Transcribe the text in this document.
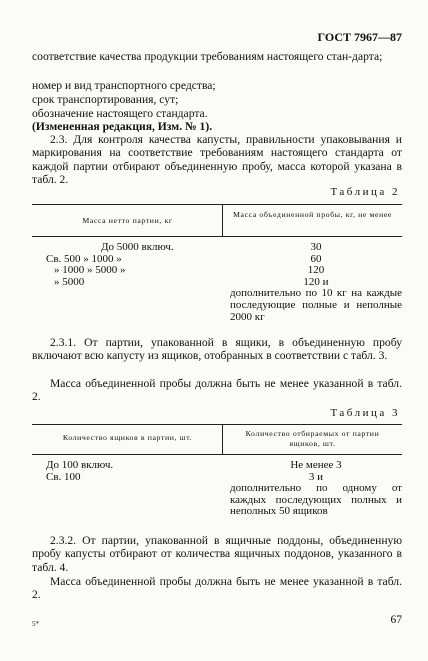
ГОСТ 7967—87
соответствие качества продукции требованиям настоящего стан-дарта;
номер и вид транспортного средства;
срок транспортирования, сут;
обозначение настоящего стандарта.
(Измененная редакция, Изм. № 1).
2.3. Для контроля качества капусты, правильности упаковывания и маркирования на соответствие требованиям настоящего стандарта от каждой партии отбирают объединенную пробу, масса которой указана в табл. 2.
Таблица 2
Масса нетто партии, кг
Масса объединенной пробы, кг, не менее
До 5000 включ.
Св. 500 » 1000 »
» 1000 » 5000 »
» 5000
30
60
120
120 и
дополнительно по 10 кг на каждые последующие полные и неполные 2000 кг
2.3.1. От партии, упакованной в ящики, в объединенную пробу включают всю капусту из ящиков, отобранных в соответствии с табл. 3.
Масса объединенной пробы должна быть не менее указанной в табл. 2.
Таблица 3
Количество ящиков в партии, шт.	Количество отбираемых от партии ящиков, шт.
До 100 включ.
Св. 100
Не менее 3
3 и
дополнительно по одному от каждых последующих полных и неполных 50 ящиков
2.3.2. От партии, упакованной в ящичные поддоны, объединенную пробу капусты отбирают от количества ящичных поддонов, указанного в табл. 4.
Масса объединенной пробы должна быть не менее указанной в табл. 2.
5*	67
